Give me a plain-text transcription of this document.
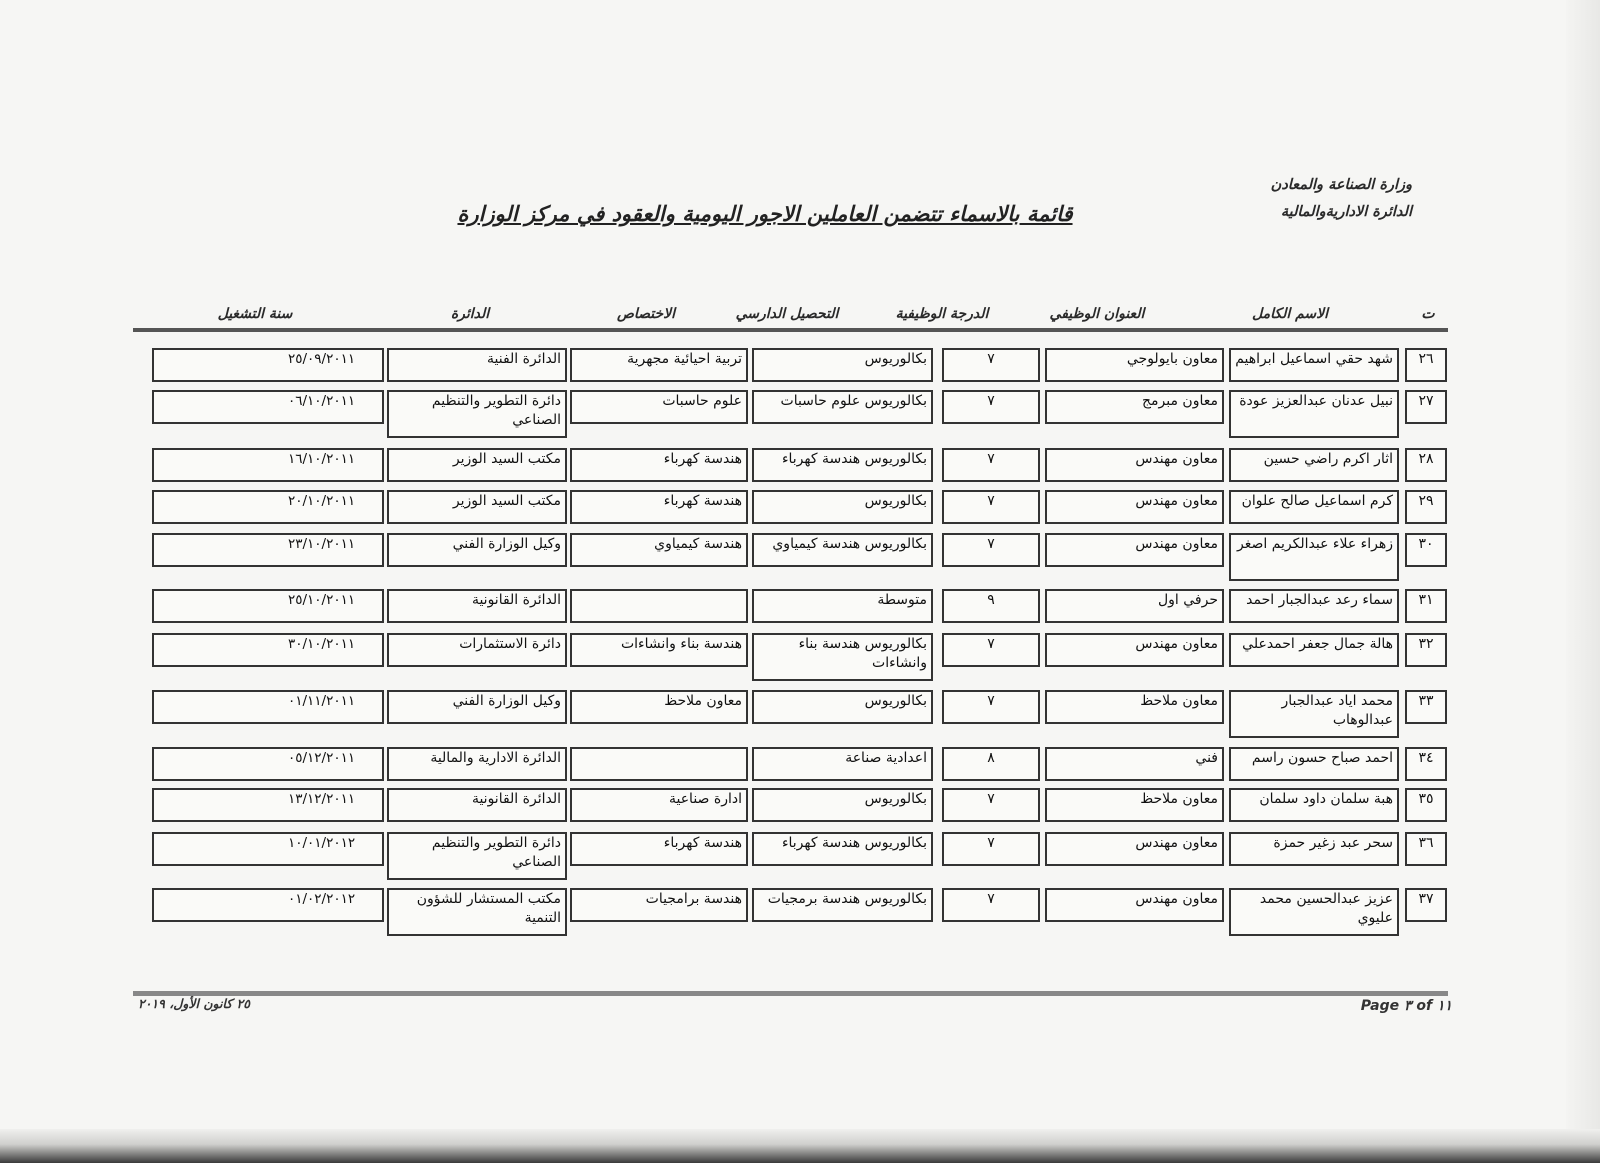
وزارة الصناعة والمعادن
الدائرة الاداريةوالمالية
قائمة بالاسماء تتضمن العاملين الاجور اليومية والعقود في مركز الوزارة
ت
الاسم الكامل
العنوان الوظيفي
الدرجة الوظيفية
التحصيل الدارسي
الاختصاص
الدائرة
سنة التشغيل
٢٦
شهد حقي اسماعيل ابراهيم
معاون بايولوجي
٧
بكالوريوس
تربية احيائية مجهرية
الدائرة الفنية
٢٥/٠٩/٢٠١١
٢٧
نبيل عدنان عبدالعزيز عودة
معاون مبرمج
٧
بكالوريوس علوم حاسبات
علوم حاسبات
دائرة التطوير والتنظيم الصناعي
٠٦/١٠/٢٠١١
٢٨
اثار اكرم راضي حسين
معاون مهندس
٧
بكالوريوس هندسة كهرباء
هندسة كهرباء
مكتب السيد الوزير
١٦/١٠/٢٠١١
٢٩
كرم اسماعيل صالح علوان
معاون مهندس
٧
بكالوريوس
هندسة كهرباء
مكتب السيد الوزير
٢٠/١٠/٢٠١١
٣٠
زهراء علاء عبدالكريم اصغر
معاون مهندس
٧
بكالوريوس هندسة كيمياوي
هندسة كيمياوي
وكيل الوزارة الفني
٢٣/١٠/٢٠١١
٣١
سماء رعد عبدالجبار احمد
حرفي اول
٩
متوسطة
الدائرة القانونية
٢٥/١٠/٢٠١١
٣٢
هالة جمال جعفر احمدعلي
معاون مهندس
٧
بكالوريوس هندسة بناء وانشاءات
هندسة بناء وانشاءات
دائرة الاستثمارات
٣٠/١٠/٢٠١١
٣٣
محمد اياد عبدالجبار عبدالوهاب
معاون ملاحظ
٧
بكالوريوس
معاون ملاحظ
وكيل الوزارة الفني
٠١/١١/٢٠١١
٣٤
احمد صباح حسون راسم
فني
٨
اعدادية صناعة
الدائرة الادارية والمالية
٠٥/١٢/٢٠١١
٣٥
هبة سلمان داود سلمان
معاون ملاحظ
٧
بكالوريوس
ادارة صناعية
الدائرة القانونية
١٣/١٢/٢٠١١
٣٦
سحر عبد زغير حمزة
معاون مهندس
٧
بكالوريوس هندسة كهرباء
هندسة كهرباء
دائرة التطوير والتنظيم الصناعي
١٠/٠١/٢٠١٢
٣٧
عزيز عبدالحسين محمد عليوي
معاون مهندس
٧
بكالوريوس هندسة برمجيات
هندسة برامجيات
مكتب المستشار للشؤون التنمية
٠١/٠٢/٢٠١٢
Page ٣ of ١١
٢٥ كانون الأول، ٢٠١٩
